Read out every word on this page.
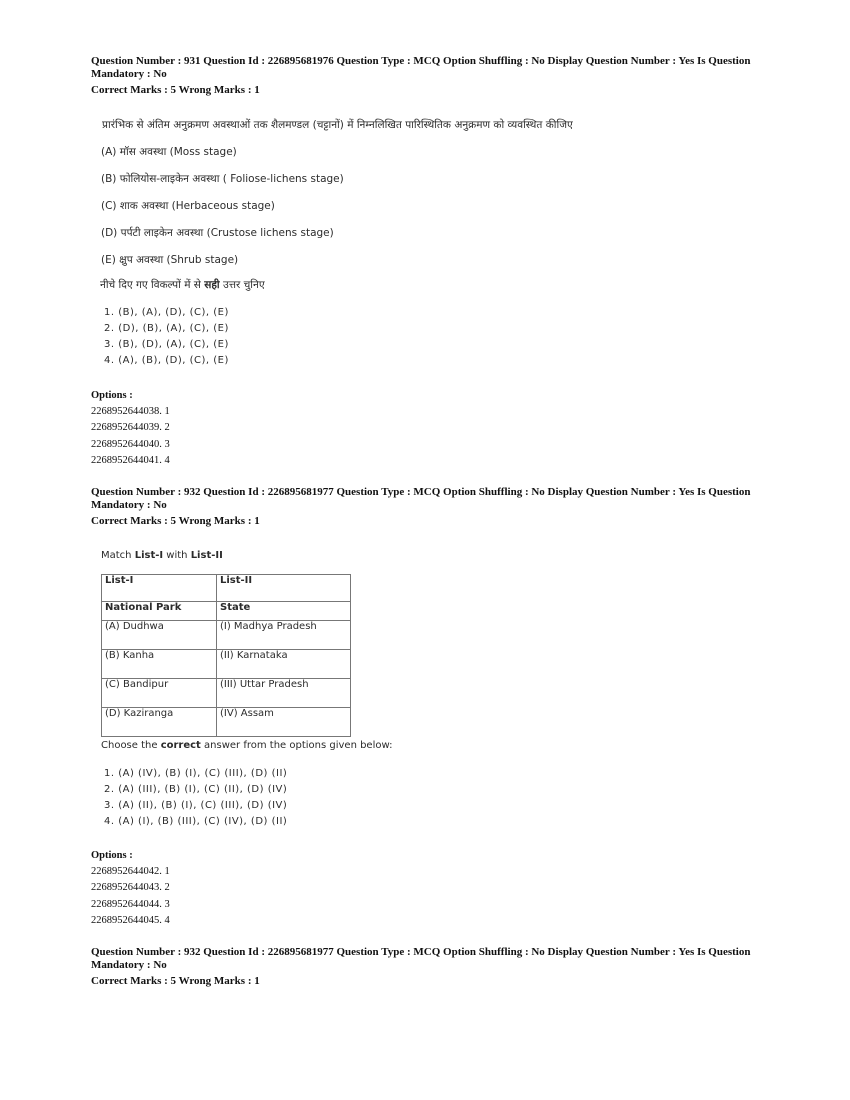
Question Number : 931 Question Id : 226895681976 Question Type : MCQ Option Shuffling : No Display Question Number : Yes Is Question Mandatory : No
Correct Marks : 5 Wrong Marks : 1
प्रारंभिक से अंतिम अनुक्रमण अवस्थाओं तक शैलमण्डल (चट्टानों) में निम्नलिखित पारिस्थितिक अनुक्रमण को व्यवस्थित कीजिए
(A) मॉस अवस्था (Moss stage)
(B) फोलियोस-लाइकेन अवस्था ( Foliose-lichens stage)
(C) शाक अवस्था (Herbaceous stage)
(D) पर्पटी लाइकेन अवस्था (Crustose lichens stage)
(E) क्षुप अवस्था (Shrub stage)
नीचे दिए गए विकल्पों में से सही उत्तर चुनिए
1. (B), (A), (D), (C), (E)
2. (D), (B), (A), (C), (E)
3. (B), (D), (A), (C), (E)
4. (A), (B), (D), (C), (E)
Options :
2268952644038. 1
2268952644039. 2
2268952644040. 3
2268952644041. 4
Question Number : 932 Question Id : 226895681977 Question Type : MCQ Option Shuffling : No Display Question Number : Yes Is Question Mandatory : No
Correct Marks : 5 Wrong Marks : 1
Match List-I with List-II
List-I	List-II
National Park	State
(A) Dudhwa	(I) Madhya Pradesh
(B) Kanha	(II) Karnataka
(C) Bandipur	(III) Uttar Pradesh
(D) Kaziranga	(IV) Assam
Choose the correct answer from the options given below:
1. (A) (IV), (B) (I), (C) (III), (D) (II)
2. (A) (III), (B) (I), (C) (II), (D) (IV)
3. (A) (II), (B) (I), (C) (III), (D) (IV)
4. (A) (I), (B) (III), (C) (IV), (D) (II)
Options :
2268952644042. 1
2268952644043. 2
2268952644044. 3
2268952644045. 4
Question Number : 932 Question Id : 226895681977 Question Type : MCQ Option Shuffling : No Display Question Number : Yes Is Question Mandatory : No
Correct Marks : 5 Wrong Marks : 1
